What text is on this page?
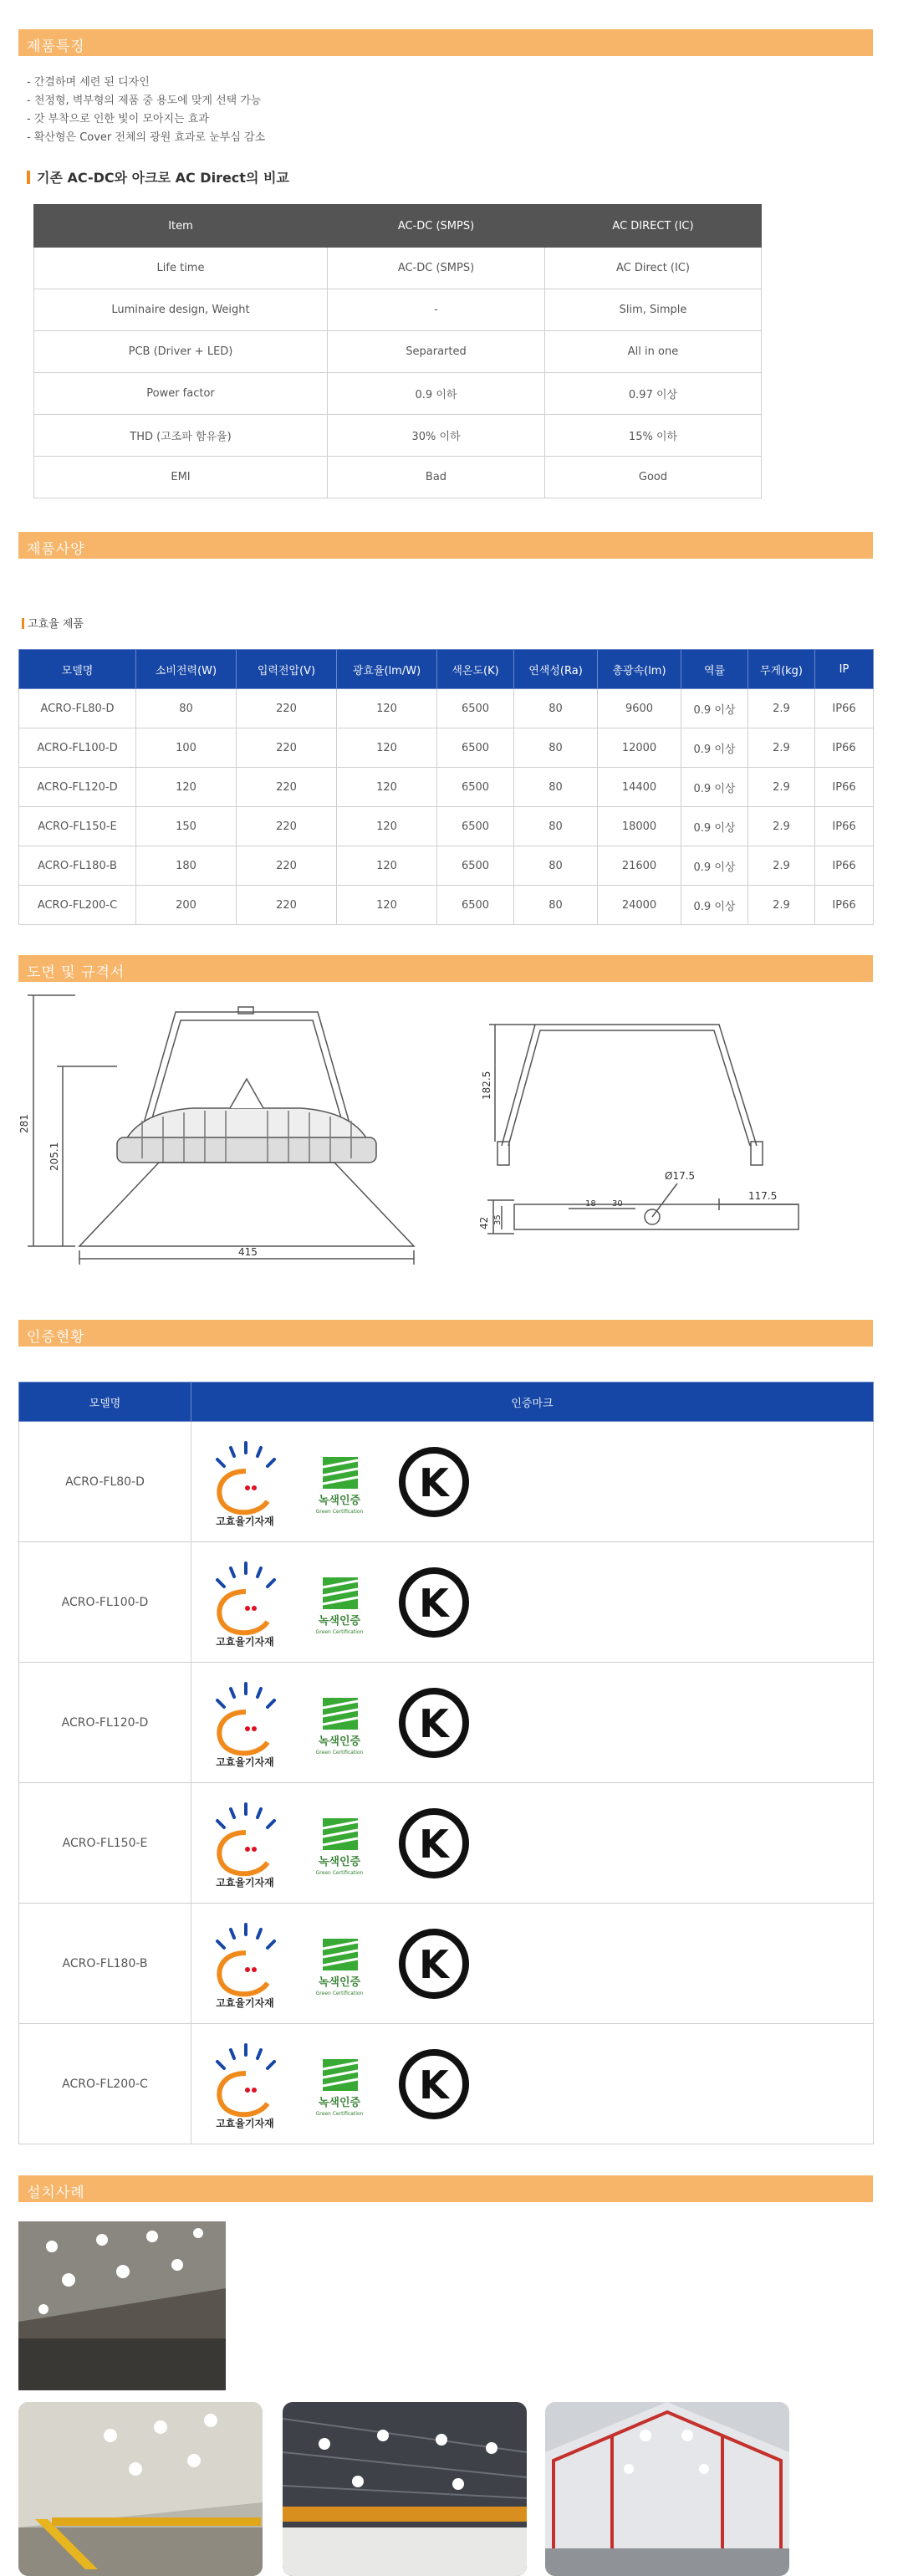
제품특징
- 간결하며 세련 된 디자인
- 천정형, 벽부형의 제품 중 용도에 맞게 선택 가능
- 갓 부착으로 인한 빛이 모아지는 효과
- 확산형은 Cover 전체의 광원 효과로 눈부심 감소
기존 AC-DC와 아크로 AC Direct의 비교
Item	AC-DC (SMPS)	AC DIRECT (IC)
Life time	AC-DC (SMPS)	AC Direct (IC)
Luminaire design, Weight	-	Slim, Simple
PCB (Driver + LED)	Separarted	All in one
Power factor	0.9 이하	0.97 이상
THD (고조파 함유율)	30% 이하	15% 이하
EMI	Bad	Good
제품사양
고효율 제품
모델명	소비전력(W)	입력전압(V)	광효율(lm/W)	색온도(K)	연색성(Ra)	총광속(lm)	역률	무게(kg)	IP
ACRO-FL80-D	80	220	120	6500	80	9600	0.9 이상	2.9	IP66
ACRO-FL100-D	100	220	120	6500	80	12000	0.9 이상	2.9	IP66
ACRO-FL120-D	120	220	120	6500	80	14400	0.9 이상	2.9	IP66
ACRO-FL150-E	150	220	120	6500	80	18000	0.9 이상	2.9	IP66
ACRO-FL180-B	180	220	120	6500	80	21600	0.9 이상	2.9	IP66
ACRO-FL200-C	200	220	120	6500	80	24000	0.9 이상	2.9	IP66
도면 및 규격서
281
205.1
415
182.5
117.5
42 35
30
18
Ø17.5
인증현황
모델명	인증마크
ACRO-FL80-D	고효율기자재
녹색인증
Green Certification
K

ACRO-FL100-D	고효율기자재
녹색인증
Green Certification
K

ACRO-FL120-D	고효율기자재
녹색인증
Green Certification
K

ACRO-FL150-E	고효율기자재
녹색인증
Green Certification
K

ACRO-FL180-B	고효율기자재
녹색인증
Green Certification
K

ACRO-FL200-C	고효율기자재
녹색인증
Green Certification
K
설치사례
